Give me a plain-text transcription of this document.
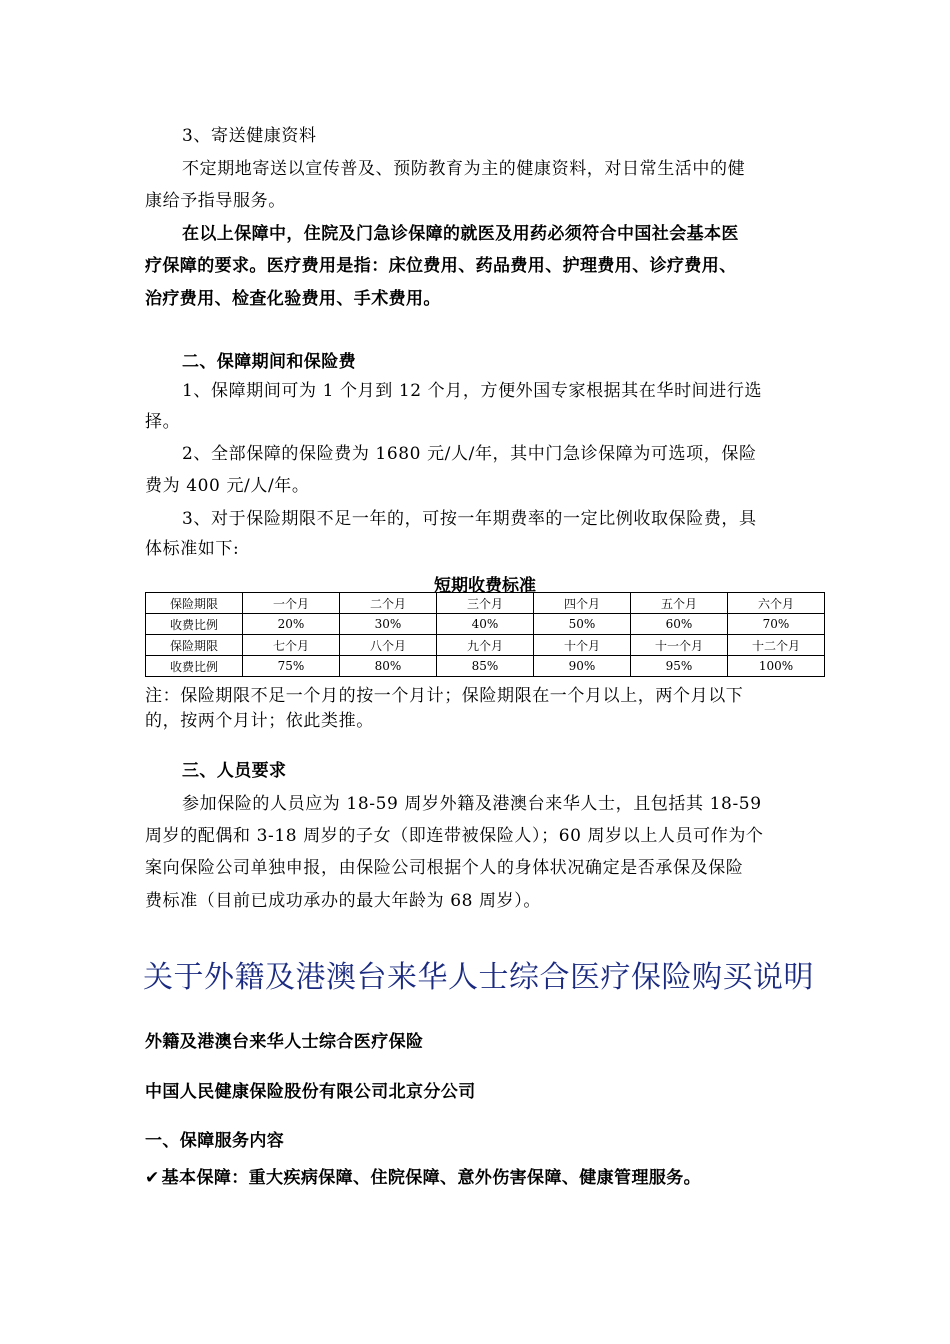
3、寄送健康资料
不定期地寄送以宣传普及、预防教育为主的健康资料，对日常生活中的健
康给予指导服务。
在以上保障中，住院及门急诊保障的就医及用药必须符合中国社会基本医
疗保障的要求。医疗费用是指：床位费用、药品费用、护理费用、诊疗费用、
治疗费用、检查化验费用、手术费用。
二、保障期间和保险费
1、保障期间可为 1 个月到 12 个月，方便外国专家根据其在华时间进行选
择。
2、全部保障的保险费为 1680 元/人/年，其中门急诊保障为可选项，保险
费为 400 元/人/年。
3、对于保险期限不足一年的，可按一年期费率的一定比例收取保险费，具
体标准如下:
短期收费标准
保险期限	一个月	二个月	三个月	四个月	五个月	六个月
收费比例	20%	30%	40%	50%	60%	70%
保险期限	七个月	八个月	九个月	十个月	十一个月	十二个月
收费比例	75%	80%	85%	90%	95%	100%
注：保险期限不足一个月的按一个月计；保险期限在一个月以上，两个月以下
的，按两个月计；依此类推。
三、人员要求
参加保险的人员应为 18-59 周岁外籍及港澳台来华人士，且包括其 18-59
周岁的配偶和 3-18 周岁的子女（即连带被保险人）；60 周岁以上人员可作为个
案向保险公司单独申报，由保险公司根据个人的身体状况确定是否承保及保险
费标准（目前已成功承办的最大年龄为 68 周岁）。
关于外籍及港澳台来华人士综合医疗保险购买说明
外籍及港澳台来华人士综合医疗保险
中国人民健康保险股份有限公司北京分公司
一、保障服务内容
✔ 基本保障：重大疾病保障、住院保障、意外伤害保障、健康管理服务。
